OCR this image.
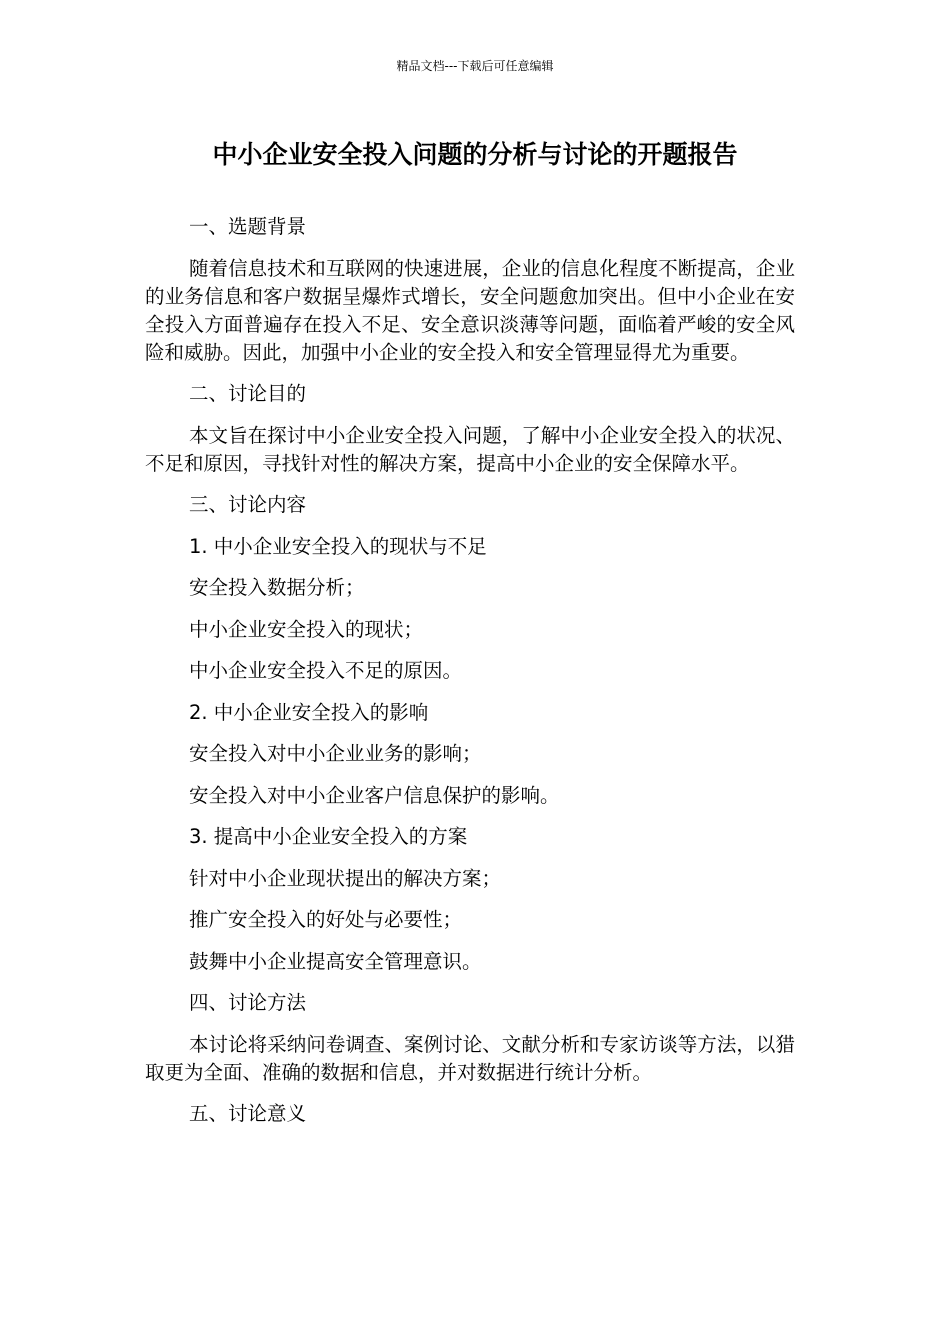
精品文档---下载后可任意编辑
中小企业安全投入问题的分析与讨论的开题报告

一、选题背景

随着信息技术和互联网的快速进展，企业的信息化程度不断提高，企业的业务信息和客户数据呈爆炸式增长，安全问题愈加突出。但中小企业在安全投入方面普遍存在投入不足、安全意识淡薄等问题，面临着严峻的安全风险和威胁。因此，加强中小企业的安全投入和安全管理显得尤为重要。

二、讨论目的

本文旨在探讨中小企业安全投入问题，了解中小企业安全投入的状况、不足和原因，寻找针对性的解决方案，提高中小企业的安全保障水平。

三、讨论内容

1. 中小企业安全投入的现状与不足

安全投入数据分析；

中小企业安全投入的现状；

中小企业安全投入不足的原因。

2. 中小企业安全投入的影响

安全投入对中小企业业务的影响；

安全投入对中小企业客户信息保护的影响。

3. 提高中小企业安全投入的方案

针对中小企业现状提出的解决方案；

推广安全投入的好处与必要性；

鼓舞中小企业提高安全管理意识。

四、讨论方法

本讨论将采纳问卷调查、案例讨论、文献分析和专家访谈等方法，以猎取更为全面、准确的数据和信息，并对数据进行统计分析。

五、讨论意义
